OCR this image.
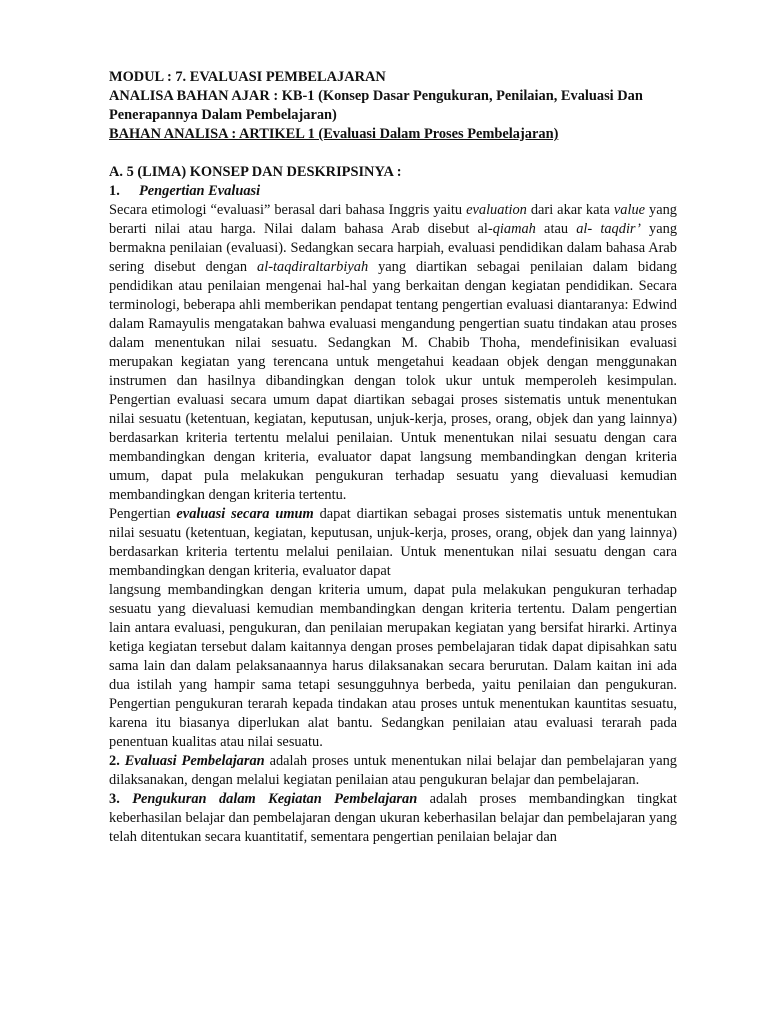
MODUL : 7. EVALUASI PEMBELAJARAN
ANALISA BAHAN AJAR : KB-1 (Konsep Dasar Pengukuran, Penilaian, Evaluasi Dan Penerapannya Dalam Pembelajaran)
BAHAN ANALISA : ARTIKEL 1 (Evaluasi Dalam Proses Pembelajaran)
A. 5 (LIMA) KONSEP DAN DESKRIPSINYA :
1. Pengertian Evaluasi

Secara etimologi “evaluasi” berasal dari bahasa Inggris yaitu evaluation dari akar kata value yang berarti nilai atau harga. Nilai dalam bahasa Arab disebut al-qiamah atau al- taqdir’ yang bermakna penilaian (evaluasi). Sedangkan secara harpiah, evaluasi pendidikan dalam bahasa Arab sering disebut dengan al-taqdiraltarbiyah yang diartikan sebagai penilaian dalam bidang pendidikan atau penilaian mengenai hal-hal yang berkaitan dengan kegiatan pendidikan. Secara terminologi, beberapa ahli memberikan pendapat tentang pengertian evaluasi diantaranya: Edwind dalam Ramayulis mengatakan bahwa evaluasi mengandung pengertian suatu tindakan atau proses dalam menentukan nilai sesuatu. Sedangkan M. Chabib Thoha, mendefinisikan evaluasi merupakan kegiatan yang terencana untuk mengetahui keadaan objek dengan menggunakan instrumen dan hasilnya dibandingkan dengan tolok ukur untuk memperoleh kesimpulan. Pengertian evaluasi secara umum dapat diartikan sebagai proses sistematis untuk menentukan nilai sesuatu (ketentuan, kegiatan, keputusan, unjuk-kerja, proses, orang, objek dan yang lainnya) berdasarkan kriteria tertentu melalui penilaian. Untuk menentukan nilai sesuatu dengan cara membandingkan dengan kriteria, evaluator dapat langsung membandingkan dengan kriteria umum, dapat pula melakukan pengukuran terhadap sesuatu yang dievaluasi kemudian membandingkan dengan kriteria tertentu.

Pengertian evaluasi secara umum dapat diartikan sebagai proses sistematis untuk menentukan nilai sesuatu (ketentuan, kegiatan, keputusan, unjuk-kerja, proses, orang, objek dan yang lainnya) berdasarkan kriteria tertentu melalui penilaian. Untuk menentukan nilai sesuatu dengan cara membandingkan dengan kriteria, evaluator dapat

langsung membandingkan dengan kriteria umum, dapat pula melakukan pengukuran terhadap sesuatu yang dievaluasi kemudian membandingkan dengan kriteria tertentu. Dalam pengertian lain antara evaluasi, pengukuran, dan penilaian merupakan kegiatan yang bersifat hirarki. Artinya ketiga kegiatan tersebut dalam kaitannya dengan proses pembelajaran tidak dapat dipisahkan satu sama lain dan dalam pelaksanaannya harus dilaksanakan secara berurutan. Dalam kaitan ini ada dua istilah yang hampir sama tetapi sesungguhnya berbeda, yaitu penilaian dan pengukuran. Pengertian pengukuran terarah kepada tindakan atau proses untuk menentukan kauntitas sesuatu, karena itu biasanya diperlukan alat bantu. Sedangkan penilaian atau evaluasi terarah pada penentuan kualitas atau nilai sesuatu.

2. Evaluasi Pembelajaran adalah proses untuk menentukan nilai belajar dan pembelajaran yang dilaksanakan, dengan melalui kegiatan penilaian atau pengukuran belajar dan pembelajaran.

3. Pengukuran dalam Kegiatan Pembelajaran adalah proses membandingkan tingkat keberhasilan belajar dan pembelajaran dengan ukuran keberhasilan belajar dan pembelajaran yang telah ditentukan secara kuantitatif, sementara pengertian penilaian belajar dan
